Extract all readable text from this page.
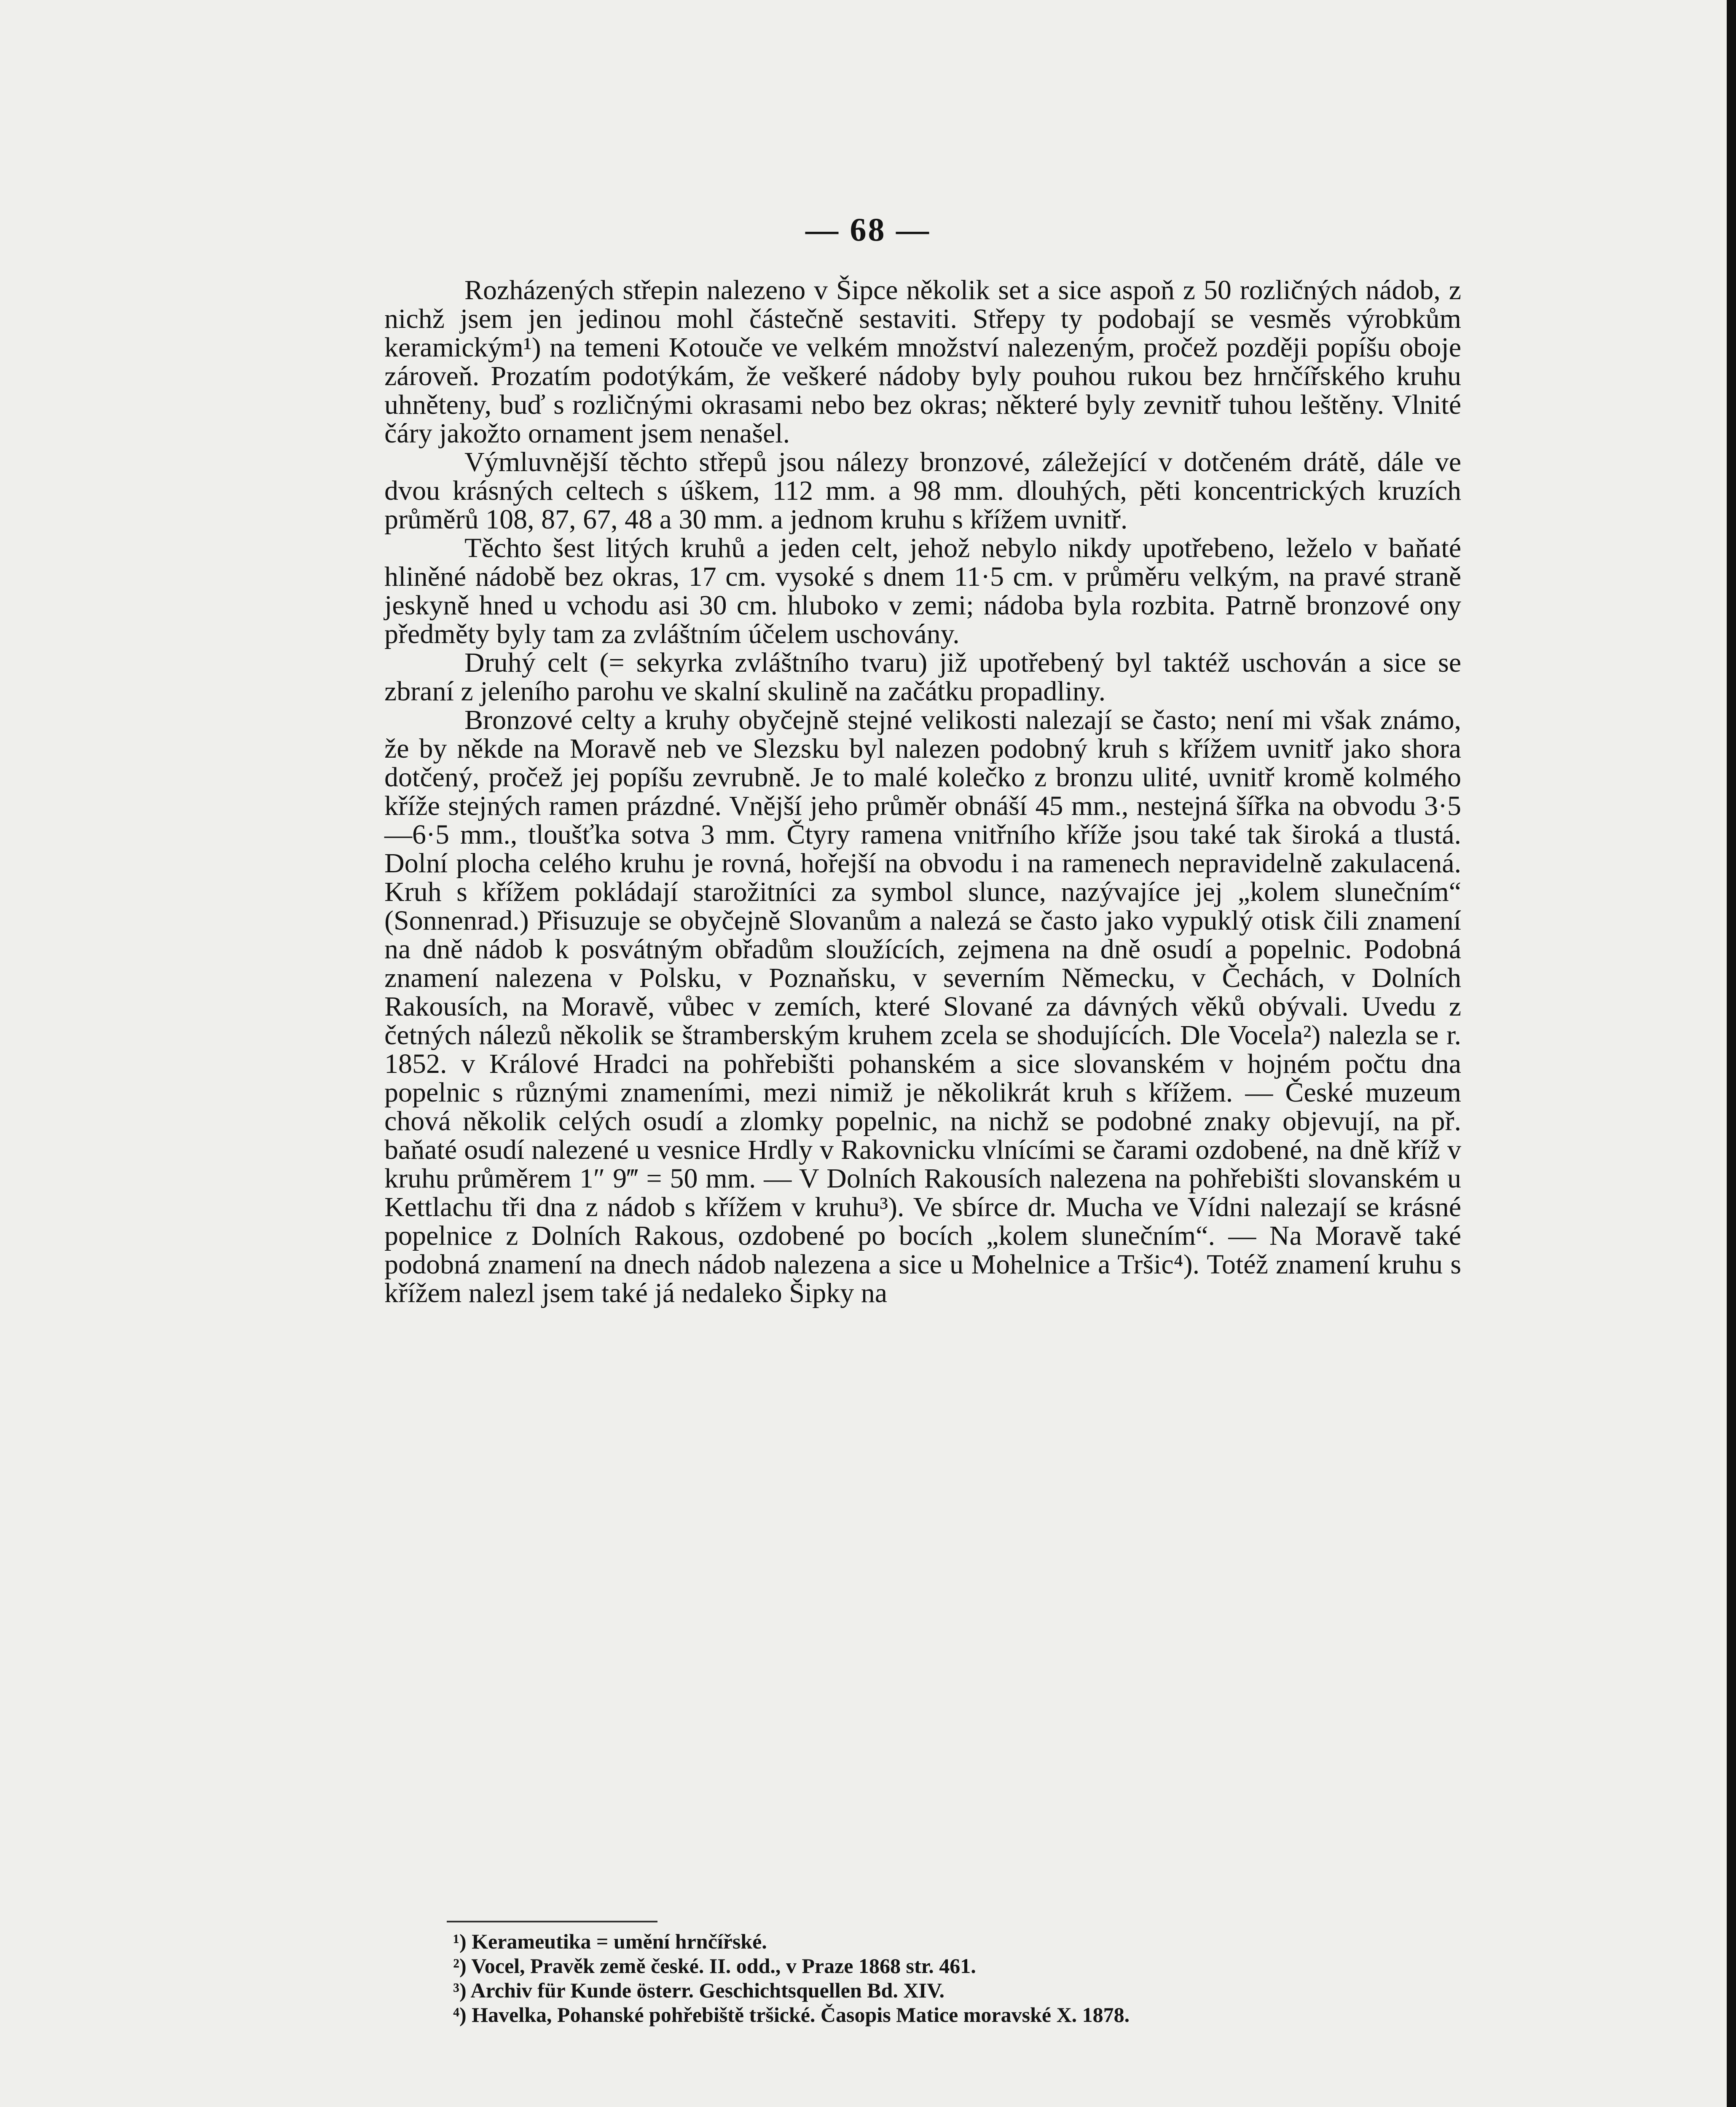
— 68 —

Rozházených střepin nalezeno v Šipce několik set a sice aspoň z 50 rozličných nádob, z nichž jsem jen jedinou mohl částečně sestaviti. Střepy ty podobají se vesměs výrobkům keramickým¹) na temeni Kotouče ve velkém množství nalezeným, pročež později popíšu oboje zároveň. Prozatím podotýkám, že veškeré nádoby byly pouhou rukou bez hrnčířského kruhu uhněteny, buď s rozličnými okrasami nebo bez okras; některé byly zevnitř tuhou leštěny. Vlnité čáry jakožto ornament jsem nenašel.

Výmluvnější těchto střepů jsou nálezy bronzové, záležející v dotčeném drátě, dále ve dvou krásných celtech s úškem, 112 mm. a 98 mm. dlouhých, pěti koncentrických kruzích průměrů 108, 87, 67, 48 a 30 mm. a jednom kruhu s křížem uvnitř.

Těchto šest litých kruhů a jeden celt, jehož nebylo nikdy upotřebeno, leželo v baňaté hliněné nádobě bez okras, 17 cm. vysoké s dnem 11·5 cm. v průměru velkým, na pravé straně jeskyně hned u vchodu asi 30 cm. hluboko v zemi; nádoba byla rozbita. Patrně bronzové ony předměty byly tam za zvláštním účelem uschovány.

Druhý celt (= sekyrka zvláštního tvaru) již upotřebený byl taktéž uschován a sice se zbraní z jeleního parohu ve skalní skulině na začátku propadliny.

Bronzové celty a kruhy obyčejně stejné velikosti nalezají se často; není mi však známo, že by někde na Moravě neb ve Slezsku byl nalezen podobný kruh s křížem uvnitř jako shora dotčený, pročež jej popíšu zevrubně. Je to malé kolečko z bronzu ulité, uvnitř kromě kolmého kříže stejných ramen prázdné. Vnější jeho průměr obnáší 45 mm., nestejná šířka na obvodu 3·5—6·5 mm., tloušťka sotva 3 mm. Čtyry ramena vnitřního kříže jsou také tak široká a tlustá. Dolní plocha celého kruhu je rovná, hořejší na obvodu i na ramenech nepravidelně zakulacená. Kruh s křížem pokládají starožitníci za symbol slunce, nazývajíce jej „kolem slunečním“ (Sonnenrad.) Přisuzuje se obyčejně Slovanům a nalezá se často jako vypuklý otisk čili znamení na dně nádob k posvátným obřadům sloužících, zejmena na dně osudí a popelnic. Podobná znamení nalezena v Polsku, v Poznaňsku, v severním Německu, v Čechách, v Dolních Rakousích, na Moravě, vůbec v zemích, které Slované za dávných věků obývali. Uvedu z četných nálezů několik se štramberským kruhem zcela se shodujících. Dle Vocela²) nalezla se r. 1852. v Králové Hradci na pohřebišti pohanském a sice slovanském v hojném počtu dna popelnic s různými znameními, mezi nimiž je několikrát kruh s křížem. — České muzeum chová několik celých osudí a zlomky popelnic, na nichž se podobné znaky objevují, na př. baňaté osudí nalezené u vesnice Hrdly v Rakovnicku vlnícími se čarami ozdobené, na dně kříž v kruhu průměrem 1″ 9‴ = 50 mm. — V Dolních Rakousích nalezena na pohřebišti slovanském u Kettlachu tři dna z nádob s křížem v kruhu³). Ve sbírce dr. Mucha ve Vídni nalezají se krásné popelnice z Dolních Rakous, ozdobené po bocích „kolem slunečním“. — Na Moravě také podobná znamení na dnech nádob nalezena a sice u Mohelnice a Tršic⁴). Totéž znamení kruhu s křížem nalezl jsem také já nedaleko Šipky na

¹) Kerameutika = umění hrnčířské.
²) Vocel, Pravěk země české. II. odd., v Praze 1868 str. 461.
³) Archiv für Kunde österr. Geschichtsquellen Bd. XIV.
⁴) Havelka, Pohanské pohřebiště tršické. Časopis Matice moravské X. 1878.
